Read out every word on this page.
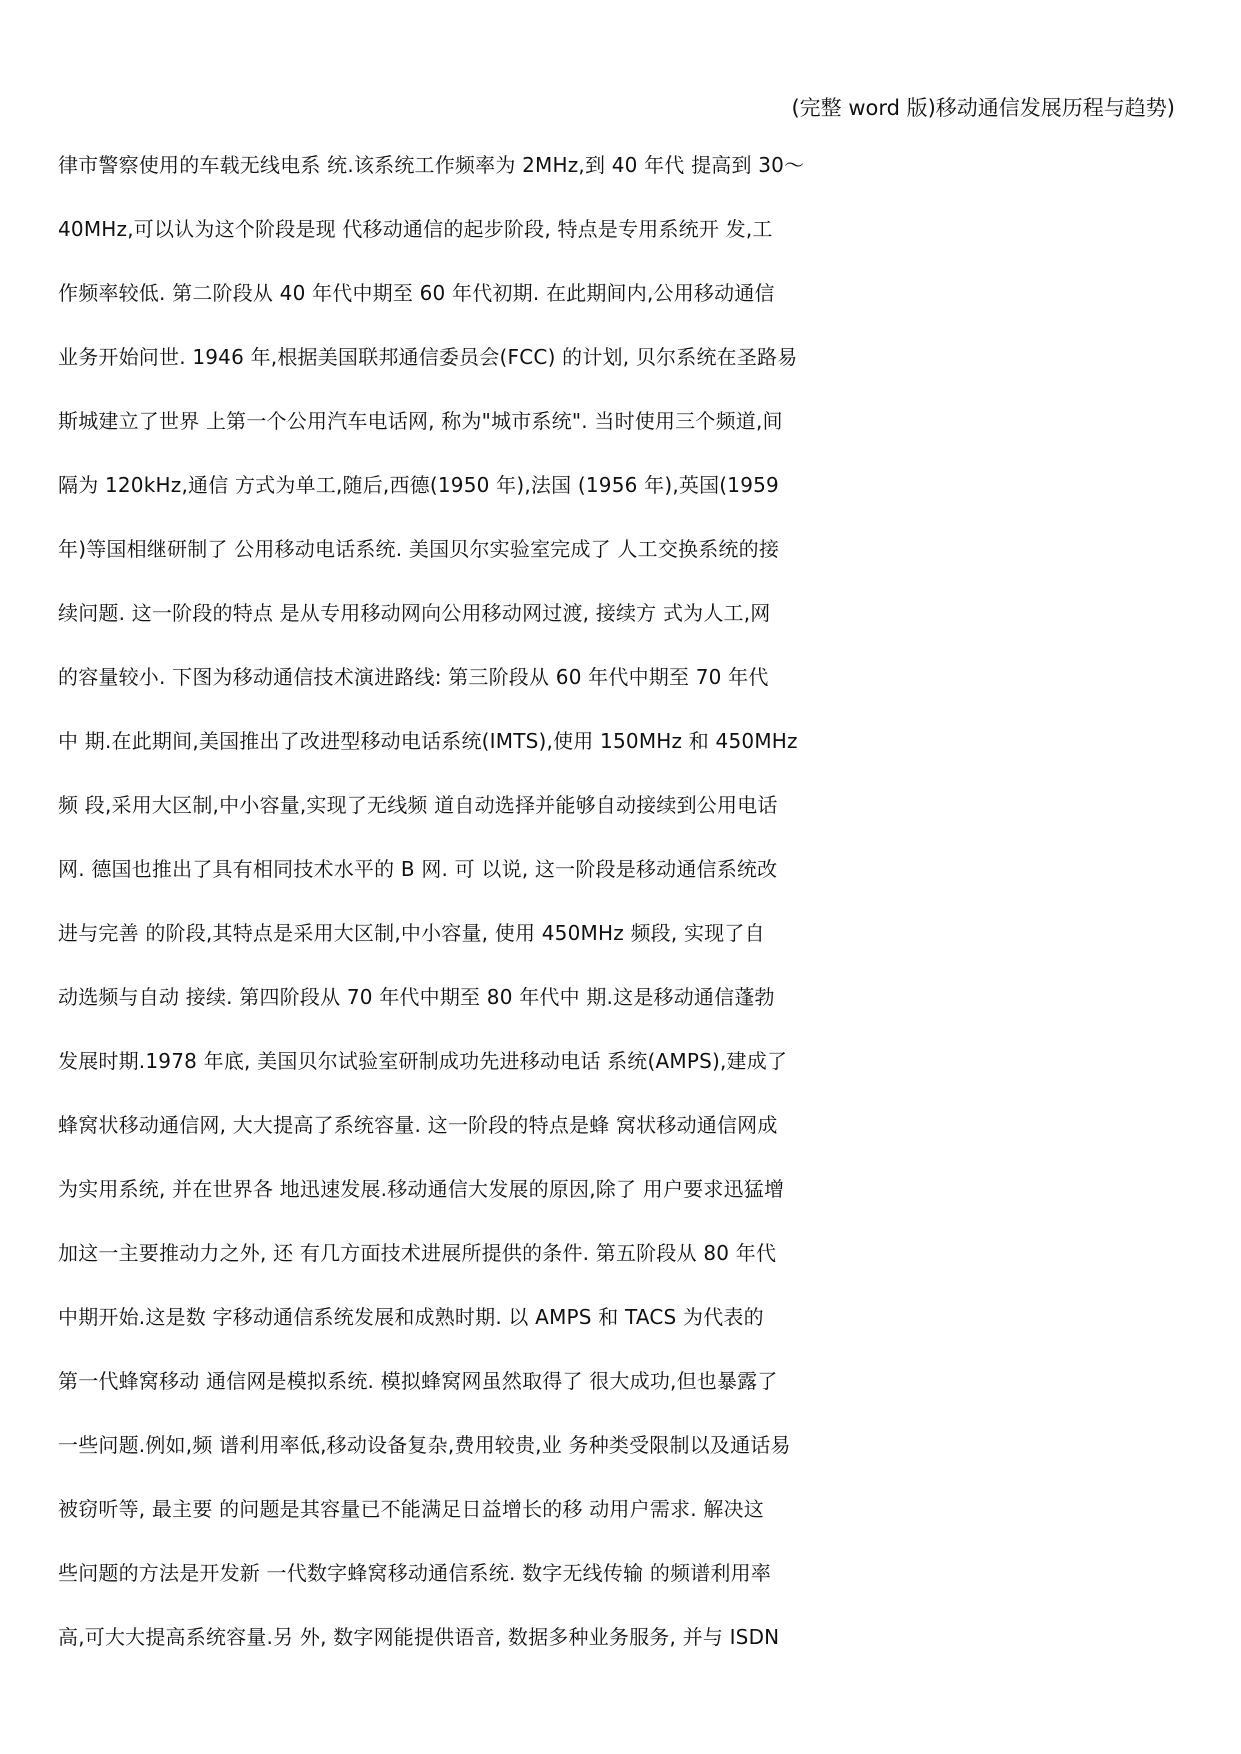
(完整 word 版)移动通信发展历程与趋势)
律市警察使用的车载无线电系 统.该系统工作频率为 2MHz,到 40 年代 提高到 30～
40MHz,可以认为这个阶段是现 代移动通信的起步阶段, 特点是专用系统开 发,工
作频率较低. 第二阶段从 40 年代中期至 60 年代初期. 在此期间内,公用移动通信
业务开始问世. 1946 年,根据美国联邦通信委员会(FCC) 的计划, 贝尔系统在圣路易
斯城建立了世界 上第一个公用汽车电话网, 称为"城市系统". 当时使用三个频道,间
隔为 120kHz,通信 方式为单工,随后,西德(1950 年),法国 (1956 年),英国(1959
年)等国相继研制了 公用移动电话系统. 美国贝尔实验室完成了 人工交换系统的接
续问题. 这一阶段的特点 是从专用移动网向公用移动网过渡, 接续方 式为人工,网
的容量较小. 下图为移动通信技术演进路线: 第三阶段从 60 年代中期至 70 年代
中 期.在此期间,美国推出了改进型移动电话系统(IMTS),使用 150MHz 和 450MHz
频 段,采用大区制,中小容量,实现了无线频 道自动选择并能够自动接续到公用电话
网. 德国也推出了具有相同技术水平的 B 网. 可 以说, 这一阶段是移动通信系统改
进与完善 的阶段,其特点是采用大区制,中小容量, 使用 450MHz 频段, 实现了自
动选频与自动 接续. 第四阶段从 70 年代中期至 80 年代中 期.这是移动通信蓬勃
发展时期.1978 年底, 美国贝尔试验室研制成功先进移动电话 系统(AMPS),建成了
蜂窝状移动通信网, 大大提高了系统容量. 这一阶段的特点是蜂 窝状移动通信网成
为实用系统, 并在世界各 地迅速发展.移动通信大发展的原因,除了 用户要求迅猛增
加这一主要推动力之外, 还 有几方面技术进展所提供的条件. 第五阶段从 80 年代
中期开始.这是数 字移动通信系统发展和成熟时期. 以 AMPS 和 TACS 为代表的
第一代蜂窝移动 通信网是模拟系统. 模拟蜂窝网虽然取得了 很大成功,但也暴露了
一些问题.例如,频 谱利用率低,移动设备复杂,费用较贵,业 务种类受限制以及通话易
被窃听等, 最主要 的问题是其容量已不能满足日益增长的移 动用户需求. 解决这
些问题的方法是开发新 一代数字蜂窝移动通信系统. 数字无线传输 的频谱利用率
高,可大大提高系统容量.另 外, 数字网能提供语音, 数据多种业务服务, 并与 ISDN
